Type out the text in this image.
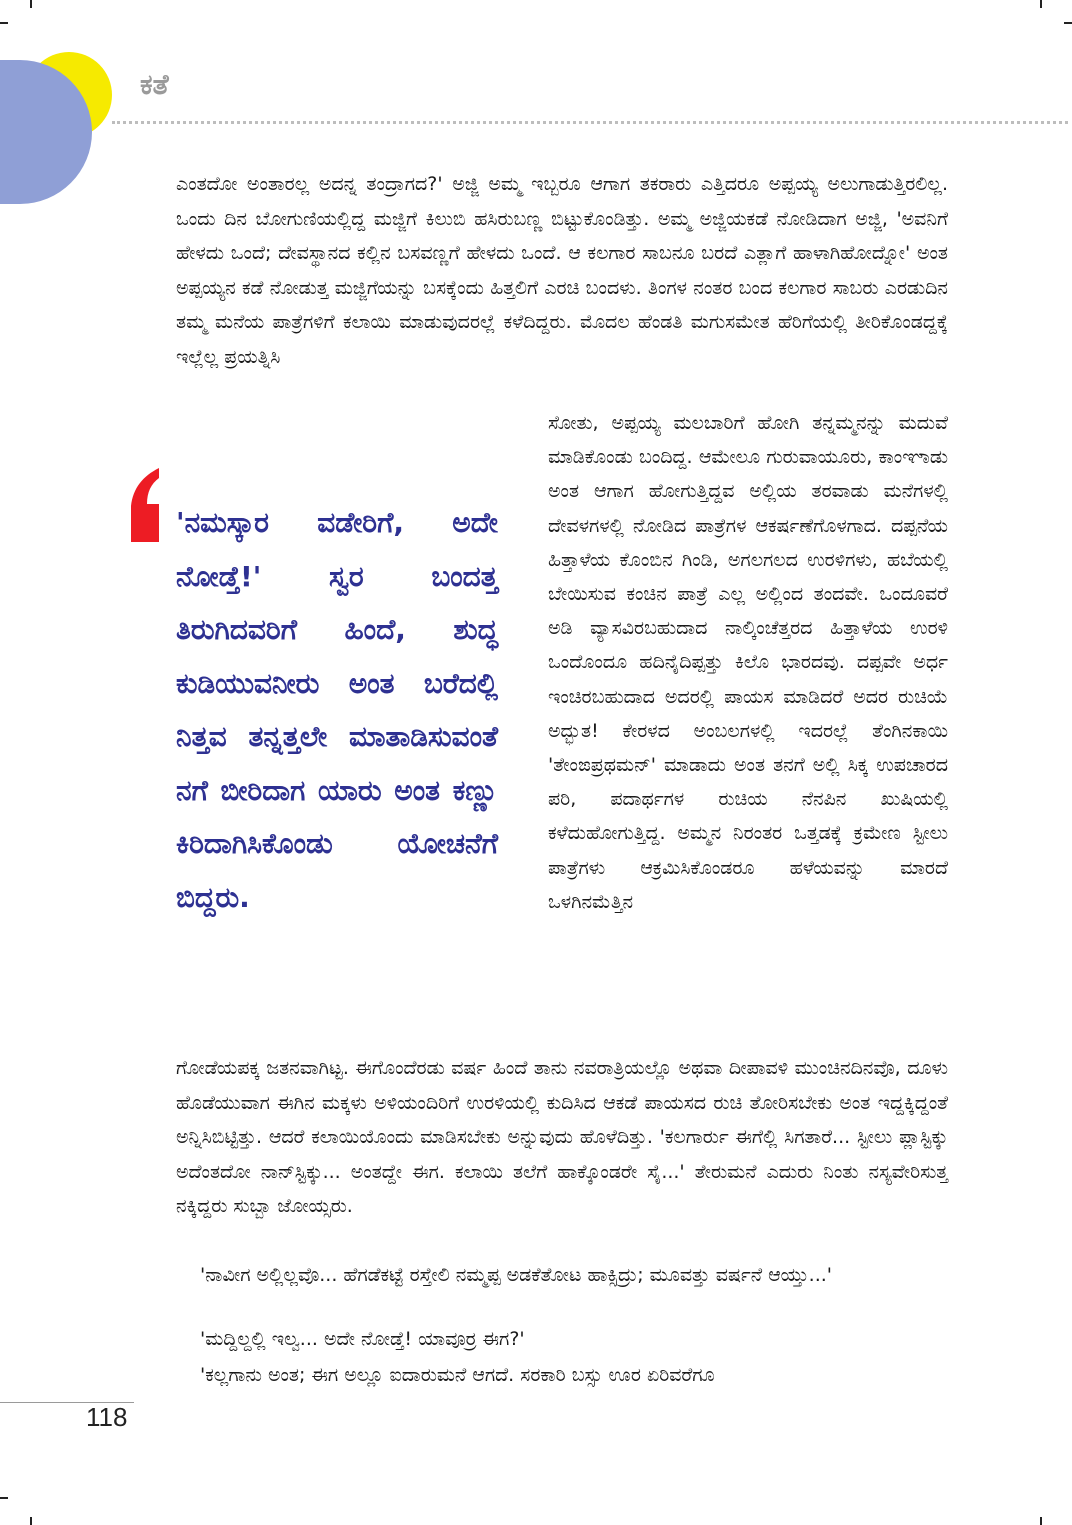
ಕತೆ

ಎಂತದೋ ಅಂತಾರಲ್ಲ ಅದನ್ನ ತಂದ್ರಾಗದ?' ಅಜ್ಜಿ ಅಮ್ಮ ಇಬ್ಬರೂ ಆಗಾಗ ತಕರಾರು ಎತ್ತಿದರೂ ಅಪ್ಪಯ್ಯ ಅಲುಗಾಡುತ್ತಿರಲಿಲ್ಲ. ಒಂದು ದಿನ ಬೋಗುಣಿಯಲ್ಲಿದ್ದ ಮಜ್ಜಿಗೆ ಕಿಲುಬಿ ಹಸಿರುಬಣ್ಣ ಬಿಟ್ಟುಕೊಂಡಿತ್ತು. ಅಮ್ಮ ಅಜ್ಜಿಯಕಡೆ ನೋಡಿದಾಗ ಅಜ್ಜಿ, 'ಅವನಿಗೆ ಹೇಳದು ಒಂದೆ; ದೇವಸ್ಥಾನದ ಕಲ್ಲಿನ ಬಸವಣ್ಣಗೆ ಹೇಳದು ಒಂದೆ. ಆ ಕಲಗಾರ ಸಾಬನೂ ಬರದೆ ಎತ್ಲಾಗೆ ಹಾಳಾಗಿಹೋದ್ನೋ' ಅಂತ ಅಪ್ಪಯ್ಯನ ಕಡೆ ನೋಡುತ್ತ ಮಜ್ಜಿಗೆಯನ್ನು ಬಸಕ್ಕೆಂದು ಹಿತ್ತಲಿಗೆ ಎರಚಿ ಬಂದಳು. ತಿಂಗಳ ನಂತರ ಬಂದ ಕಲಗಾರ ಸಾಬರು ಎರಡುದಿನ ತಮ್ಮ ಮನೆಯ ಪಾತ್ರೆಗಳಿಗೆ ಕಲಾಯಿ ಮಾಡುವುದರಲ್ಲೆ ಕಳೆದಿದ್ದರು. ಮೊದಲ ಹೆಂಡತಿ ಮಗುಸಮೇತ ಹೆರಿಗೆಯಲ್ಲಿ ತೀರಿಕೊಂಡದ್ದಕ್ಕೆ ಇಲ್ಲೆಲ್ಲ ಪ್ರಯತ್ನಿಸಿ

ಸೋತು, ಅಪ್ಪಯ್ಯ ಮಲಬಾರಿಗೆ ಹೋಗಿ ತನ್ನಮ್ಮನನ್ನು ಮದುವೆ ಮಾಡಿಕೊಂಡು ಬಂದಿದ್ದ. ಆಮೇಲೂ ಗುರುವಾಯೂರು, ಕಾಂಞಾಡು ಅಂತ ಆಗಾಗ ಹೋಗುತ್ತಿದ್ದವ ಅಲ್ಲಿಯ ತರವಾಡು ಮನೆಗಳಲ್ಲಿ ದೇವಳಗಳಲ್ಲಿ ನೋಡಿದ ಪಾತ್ರೆಗಳ ಆಕರ್ಷಣೆಗೊಳಗಾದ. ದಪ್ಪನೆಯ ಹಿತ್ತಾಳೆಯ ಕೊಂಬಿನ ಗಿಂಡಿ, ಅಗಲಗಲದ ಉರಳಿಗಳು, ಹಬೆಯಲ್ಲಿ ಬೇಯಿಸುವ ಕಂಚಿನ ಪಾತ್ರೆ ಎಲ್ಲ ಅಲ್ಲಿಂದ ತಂದವೇ. ಒಂದೂವರೆ ಅಡಿ ವ್ಯಾಸವಿರಬಹುದಾದ ನಾಲ್ಕಿಂಚೆತ್ತರದ ಹಿತ್ತಾಳೆಯ ಉರಳಿ ಒಂದೊಂದೂ ಹದಿನೈದಿಪ್ಪತ್ತು ಕಿಲೊ ಭಾರದವು. ದಪ್ಪವೇ ಅರ್ಧ ಇಂಚಿರಬಹುದಾದ ಅದರಲ್ಲಿ ಪಾಯಸ ಮಾಡಿದರೆ ಅದರ ರುಚಿಯೆ ಅದ್ಭುತ! ಕೇರಳದ ಅಂಬಲಗಳಲ್ಲಿ ಇದರಲ್ಲೆ ತೆಂಗಿನಕಾಯಿ 'ತೇಂಙಪ್ರಥಮನ್' ಮಾಡಾದು ಅಂತ ತನಗೆ ಅಲ್ಲಿ ಸಿಕ್ಕ ಉಪಚಾರದ ಪರಿ, ಪದಾರ್ಥಗಳ ರುಚಿಯ ನೆನಪಿನ ಖುಷಿಯಲ್ಲಿ ಕಳೆದುಹೋಗುತ್ತಿದ್ದ. ಅಮ್ಮನ ನಿರಂತರ ಒತ್ತಡಕ್ಕೆ ಕ್ರಮೇಣ ಸ್ಟೀಲು ಪಾತ್ರೆಗಳು ಆಕ್ರಮಿಸಿಕೊಂಡರೂ ಹಳೆಯವನ್ನು ಮಾರದೆ ಒಳಗಿನಮೆತ್ತಿನ

'ನಮಸ್ಕಾರ ವಡೇರಿಗೆ, ಅದೇ ನೋಡ್ತೆ!' ಸ್ವರ ಬಂದತ್ತ ತಿರುಗಿದವರಿಗೆ ಹಿಂದೆ, ಶುದ್ಧ ಕುಡಿಯುವನೀರು ಅಂತ ಬರೆದಲ್ಲಿ ನಿತ್ತವ ತನ್ನತ್ತಲೇ ಮಾತಾಡಿಸುವಂತೆ ನಗೆ ಬೀರಿದಾಗ ಯಾರು ಅಂತ ಕಣ್ಣು ಕಿರಿದಾಗಿಸಿಕೊಂಡು ಯೋಚನೆಗೆ ಬಿದ್ದರು.

ಗೋಡೆಯಪಕ್ಕ ಜತನವಾಗಿಟ್ಟ. ಈಗೊಂದೆರಡು ವರ್ಷ ಹಿಂದೆ ತಾನು ನವರಾತ್ರಿಯಲ್ಲೊ ಅಥವಾ ದೀಪಾವಳಿ ಮುಂಚಿನದಿನವೊ, ದೂಳು ಹೊಡೆಯುವಾಗ ಈಗಿನ ಮಕ್ಕಳು ಅಳಿಯಂದಿರಿಗೆ ಉರಳಿಯಲ್ಲಿ ಕುದಿಸಿದ ಆಕಡೆ ಪಾಯಸದ ರುಚಿ ತೋರಿಸಬೇಕು ಅಂತ ಇದ್ದಕ್ಕಿದ್ದಂತೆ ಅನ್ನಿಸಿಬಿಟ್ಟಿತ್ತು. ಆದರೆ ಕಲಾಯಿಯೊಂದು ಮಾಡಿಸಬೇಕು ಅನ್ನುವುದು ಹೊಳೆದಿತ್ತು. 'ಕಲಗಾರ್ರು ಈಗೆಲ್ಲಿ ಸಿಗತಾರೆ... ಸ್ಟೀಲು ಪ್ಲಾಸ್ಟಿಕ್ಕು ಅದೆಂತದೋ ನಾನ್‌ಸ್ಟಿಕ್ಕು... ಅಂತದ್ದೇ ಈಗ. ಕಲಾಯಿ ತಲೆಗೆ ಹಾಕ್ಕೊಂಡರೇ ಸೈ...' ತೇರುಮನೆ ಎದುರು ನಿಂತು ನಸ್ಯವೇರಿಸುತ್ತ ನಕ್ಕಿದ್ದರು ಸುಬ್ಬಾ ಜೋಯ್ಸರು.

'ನಾವೀಗ ಅಲ್ಲಿಲ್ಲವೊ... ಹೆಗಡೆಕಟ್ಟೆ ರಸ್ತೇಲಿ ನಮ್ಮಪ್ಪ ಅಡಕೆತೋಟ ಹಾಕ್ಸಿದ್ರು; ಮೂವತ್ತು ವರ್ಷನೆ ಆಯ್ತು...'

'ಮದ್ದಿಲ್ದಲ್ಲಿ ಇಲ್ವ... ಅದೇ ನೋಡ್ತೆ! ಯಾವೂರ್ರ ಈಗ?'

'ಕಲ್ಲಗಾನು ಅಂತ; ಈಗ ಅಲ್ಲೂ ಐದಾರುಮನೆ ಆಗದೆ. ಸರಕಾರಿ ಬಸ್ಸು ಊರ ಏರಿವರೆಗೂ

118
